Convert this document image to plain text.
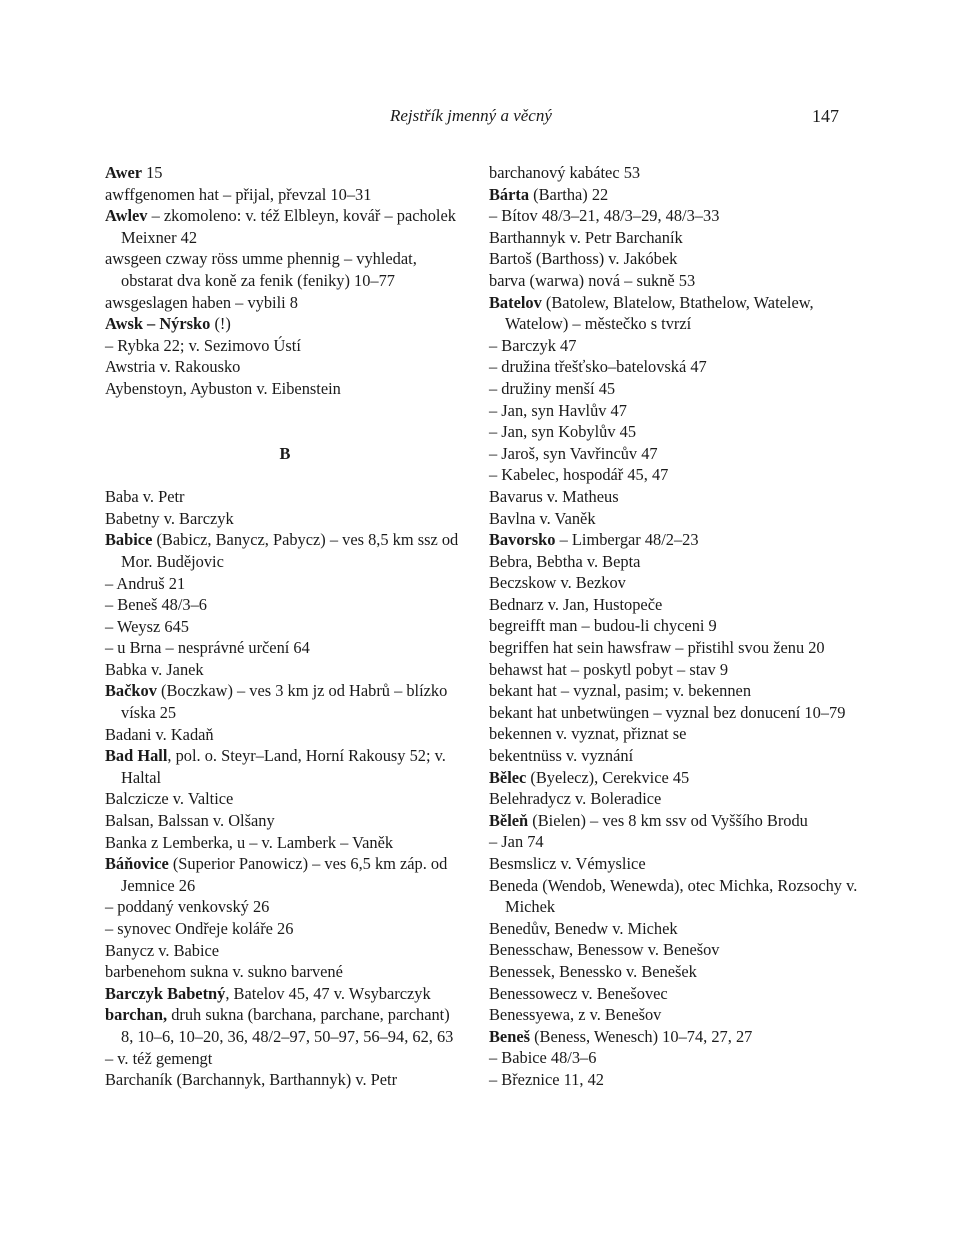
Rejstřík jmenný a věcný	147
Awer 15
awffgenomen hat – přijal, převzal 10–31
Awlev – zkomoleno: v. též Elbleyn, kovář – pacholek Meixner 42
awsgeen czway röss umme phennig – vyhledat, obstarat dva koně za fenik (feniky) 10–77
awsgeslagen haben – vybili 8
Awsk – Nýrsko (!)
– Rybka 22; v. Sezimovo Ústí
Awstria v. Rakousko
Aybenstoyn, Aybuston v. Eibenstein
B
Baba v. Petr
Babetny v. Barczyk
Babice (Babicz, Banycz, Pabycz) – ves 8,5 km ssz od Mor. Budějovic
– Andruš 21
– Beneš 48/3–6
– Weysz 645
– u Brna – nesprávné určení 64
Babka v. Janek
Bačkov (Boczkaw) – ves 3 km jz od Habrů – blízko víska 25
Badani v. Kadaň
Bad Hall, pol. o. Steyr–Land, Horní Rakousy 52; v. Haltal
Balczicze v. Valtice
Balsan, Balssan v. Olšany
Banka z Lemberka, u – v. Lamberk – Vaněk
Báňovice (Superior Panowicz) – ves 6,5 km záp. od Jemnice 26
– poddaný venkovský 26
– synovec Ondřeje koláře 26
Banycz v. Babice
barbenehom sukna v. sukno barvené
Barczyk Babetný, Batelov 45, 47 v. Wsybarczyk
barchan, druh sukna (barchana, parchane, parchant) 8, 10–6, 10–20, 36, 48/2–97, 50–97, 56–94, 62, 63
– v. též gemengt
Barchaník (Barchannyk, Barthannyk) v. Petr
barchanový kabátec 53
Bárta (Bartha) 22
– Bítov 48/3–21, 48/3–29, 48/3–33
Barthannyk v. Petr Barchaník
Bartoš (Barthoss) v. Jakóbek
barva (warwa) nová – sukně 53
Batelov (Batolew, Blatelow, Btathelow, Watelew, Watelow) – městečko s tvrzí
– Barczyk 47
– družina třešťsko–batelovská 47
– družiny menší 45
– Jan, syn Havlův 47
– Jan, syn Kobylův 45
– Jaroš, syn Vavřincův 47
– Kabelec, hospodář 45, 47
Bavarus v. Matheus
Bavlna v. Vaněk
Bavorsko – Limbergar 48/2–23
Bebra, Bebtha v. Bepta
Beczskow v. Bezkov
Bednarz v. Jan, Hustopeče
begreifft man – budou-li chyceni 9
begriffen hat sein hawsfraw – přistihl svou ženu 20
behawst hat – poskytl pobyt – stav 9
bekant hat – vyznal, pasim; v. bekennen
bekant hat unbetwüngen – vyznal bez donucení 10–79
bekennen v. vyznat, přiznat se
bekentnüss v. vyznání
Bělec (Byelecz), Cerekvice 45
Belehradycz v. Boleradice
Běleň (Bielen) – ves 8 km ssv od Vyššího Brodu
– Jan 74
Besmslicz v. Vémyslice
Beneda (Wendob, Wenewda), otec Michka, Rozsochy v. Michek
Benedův, Benedw v. Michek
Benesschaw, Benessow v. Benešov
Benessek, Benessko v. Benešek
Benessowecz v. Benešovec
Benessyewa, z v. Benešov
Beneš (Beness, Wenesch) 10–74, 27, 27
– Babice 48/3–6
– Březnice 11, 42
